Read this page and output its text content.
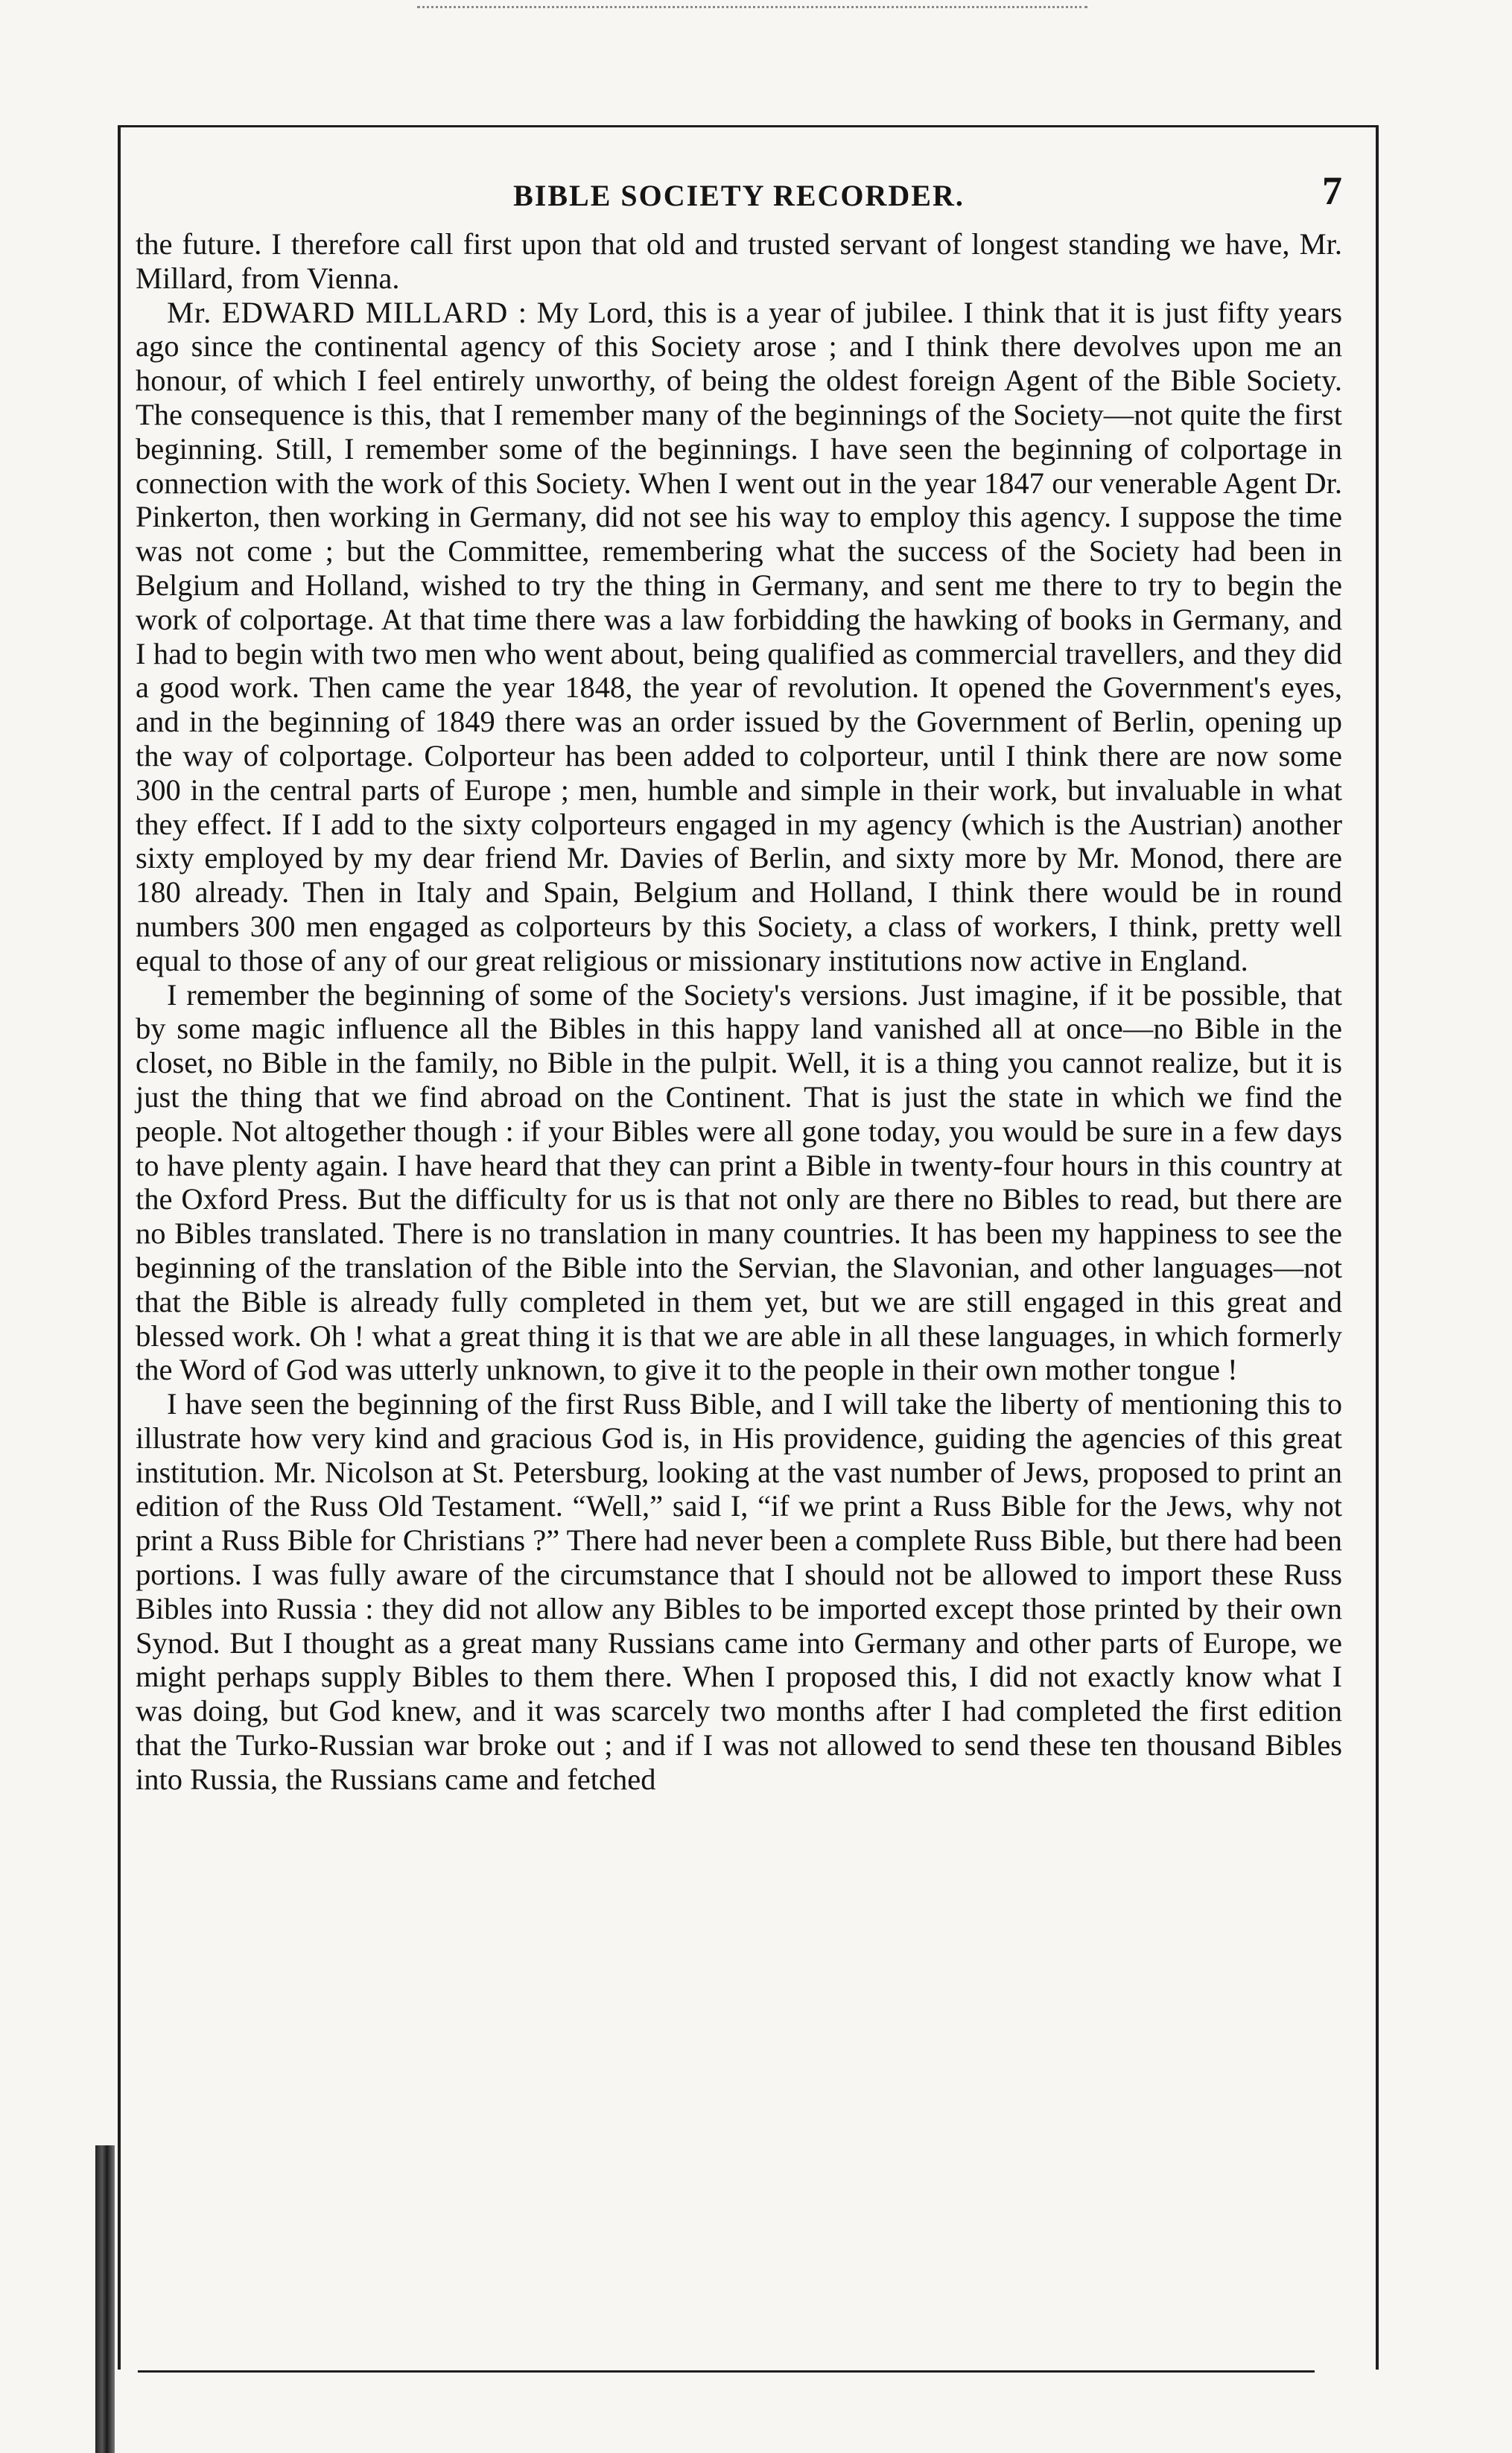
BIBLE SOCIETY RECORDER.	7

the future. I therefore call first upon that old and trusted servant of longest standing we have, Mr. Millard, from Vienna.

Mr. EDWARD MILLARD : My Lord, this is a year of jubilee. I think that it is just fifty years ago since the continental agency of this Society arose ; and I think there devolves upon me an honour, of which I feel entirely unworthy, of being the oldest foreign Agent of the Bible Society. The consequence is this, that I remember many of the beginnings of the Society—not quite the first beginning. Still, I remember some of the beginnings. I have seen the beginning of colportage in connection with the work of this Society. When I went out in the year 1847 our venerable Agent Dr. Pinkerton, then working in Germany, did not see his way to employ this agency. I suppose the time was not come ; but the Committee, remembering what the success of the Society had been in Belgium and Holland, wished to try the thing in Germany, and sent me there to try to begin the work of colportage. At that time there was a law forbidding the hawking of books in Germany, and I had to begin with two men who went about, being qualified as commercial travellers, and they did a good work. Then came the year 1848, the year of revolution. It opened the Government's eyes, and in the beginning of 1849 there was an order issued by the Government of Berlin, opening up the way of colportage. Colporteur has been added to colporteur, until I think there are now some 300 in the central parts of Europe ; men, humble and simple in their work, but invaluable in what they effect. If I add to the sixty colporteurs engaged in my agency (which is the Austrian) another sixty employed by my dear friend Mr. Davies of Berlin, and sixty more by Mr. Monod, there are 180 already. Then in Italy and Spain, Belgium and Holland, I think there would be in round numbers 300 men engaged as colporteurs by this Society, a class of workers, I think, pretty well equal to those of any of our great religious or missionary institutions now active in England.

I remember the beginning of some of the Society's versions. Just imagine, if it be possible, that by some magic influence all the Bibles in this happy land vanished all at once—no Bible in the closet, no Bible in the family, no Bible in the pulpit. Well, it is a thing you cannot realize, but it is just the thing that we find abroad on the Continent. That is just the state in which we find the people. Not altogether though : if your Bibles were all gone today, you would be sure in a few days to have plenty again. I have heard that they can print a Bible in twenty-four hours in this country at the Oxford Press. But the difficulty for us is that not only are there no Bibles to read, but there are no Bibles translated. There is no translation in many countries. It has been my happiness to see the beginning of the translation of the Bible into the Servian, the Slavonian, and other languages—not that the Bible is already fully completed in them yet, but we are still engaged in this great and blessed work. Oh ! what a great thing it is that we are able in all these languages, in which formerly the Word of God was utterly unknown, to give it to the people in their own mother tongue !

I have seen the beginning of the first Russ Bible, and I will take the liberty of mentioning this to illustrate how very kind and gracious God is, in His providence, guiding the agencies of this great institution. Mr. Nicolson at St. Petersburg, looking at the vast number of Jews, proposed to print an edition of the Russ Old Testament. “Well,” said I, “if we print a Russ Bible for the Jews, why not print a Russ Bible for Christians ?” There had never been a complete Russ Bible, but there had been portions. I was fully aware of the circumstance that I should not be allowed to import these Russ Bibles into Russia : they did not allow any Bibles to be imported except those printed by their own Synod. But I thought as a great many Russians came into Germany and other parts of Europe, we might perhaps supply Bibles to them there. When I proposed this, I did not exactly know what I was doing, but God knew, and it was scarcely two months after I had completed the first edition that the Turko-Russian war broke out ; and if I was not allowed to send these ten thousand Bibles into Russia, the Russians came and fetched
